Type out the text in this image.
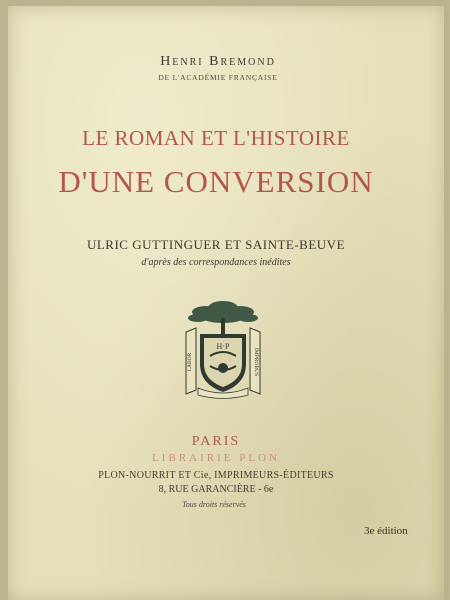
Henri Bremond
DE L'ACADÉMIE FRANÇAISE
LE ROMAN ET L'HISTOIRE
D'UNE CONVERSION
ULRIC GUTTINGUER ET SAINTE-BEUVE
d'après des correspondances inédites
H·P
LABOR	IMPROBUS
PARIS
LIBRAIRIE PLON
PLON-NOURRIT ET Cie, IMPRIMEURS-ÉDITEURS
8, RUE GARANCIÈRE - 6e
Tous droits réservés
3e édition
